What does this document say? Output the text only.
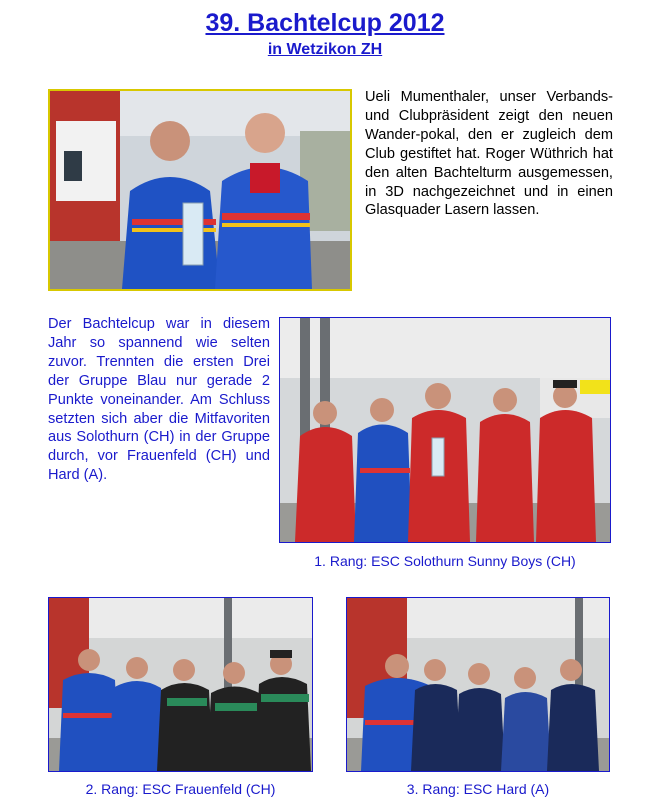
39. Bachtelcup 2012
in Wetzikon ZH
Ueli Mumenthaler, unser Verbands- und Clubpräsident zeigt den neuen Wander-pokal, den er zugleich dem Club gestiftet hat. Roger Wüthrich hat den alten Bachtelturm ausgemessen, in 3D nachgezeichnet und in einen Glasquader Lasern lassen.
Der Bachtelcup war in diesem Jahr so spannend wie selten zuvor. Trennten die ersten Drei der Gruppe Blau nur gerade 2 Punkte voneinander. Am Schluss setzten sich aber die Mitfavoriten aus Solothurn (CH) in der Gruppe durch, vor Frauenfeld (CH) und Hard (A).
1. Rang: ESC Solothurn Sunny Boys (CH)
2. Rang: ESC Frauenfeld (CH)	3. Rang: ESC Hard (A)
